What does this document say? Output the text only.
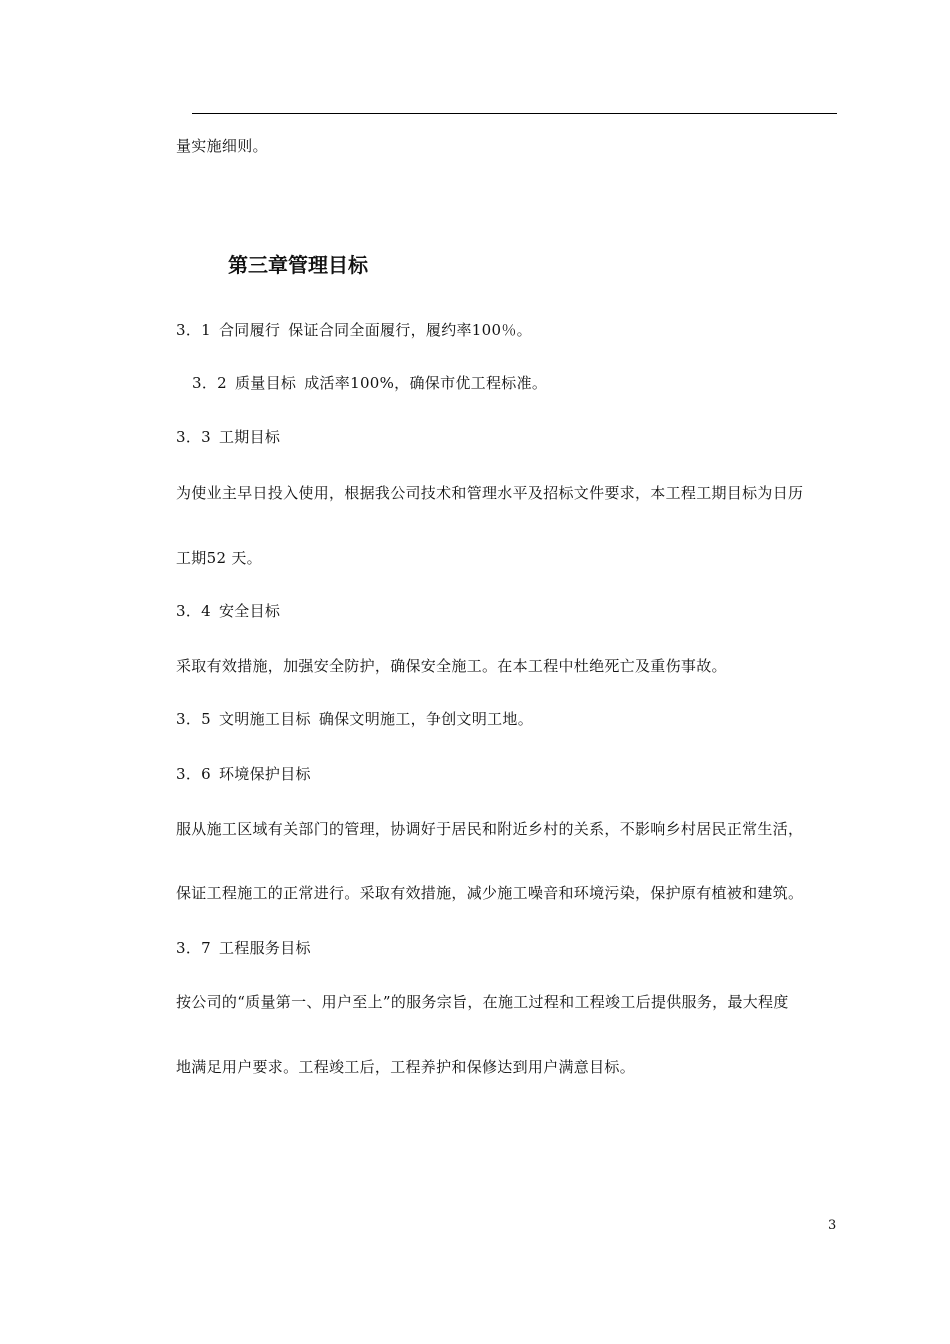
量实施细则。
第三章管理目标
3．1 合同履行 保证合同全面履行，履约率100％。
3．2 质量目标 成活率100%，确保市优工程标准。
3．3 工期目标
为使业主早日投入使用，根据我公司技术和管理水平及招标文件要求，本工程工期目标为日历
工期52 天。
3．4 安全目标
采取有效措施，加强安全防护，确保安全施工。在本工程中杜绝死亡及重伤事故。
3．5 文明施工目标 确保文明施工，争创文明工地。
3．6 环境保护目标
服从施工区域有关部门的管理，协调好于居民和附近乡村的关系，不影响乡村居民正常生活，
保证工程施工的正常进行。采取有效措施，减少施工噪音和环境污染，保护原有植被和建筑。
3．7 工程服务目标
按公司的“质量第一、用户至上”的服务宗旨，在施工过程和工程竣工后提供服务，最大程度
地满足用户要求。工程竣工后，工程养护和保修达到用户满意目标。
3
